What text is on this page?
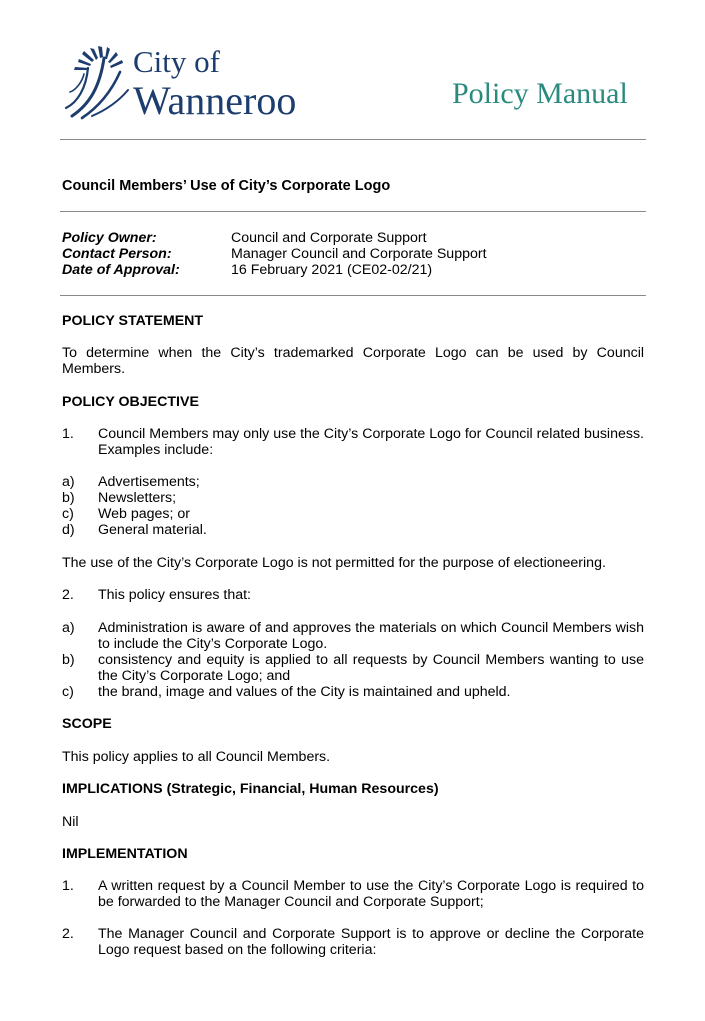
City of
Wanneroo	Policy Manual
Council Members’ Use of City’s Corporate Logo
Policy Owner:	Council and Corporate Support
Contact Person:	Manager Council and Corporate Support
Date of Approval:	16 February 2021 (CE02-02/21)
POLICY STATEMENT
To determine when the City’s trademarked Corporate Logo can be used by Council Members.
POLICY OBJECTIVE
1. Council Members may only use the City’s Corporate Logo for Council related business. Examples include:
a) Advertisements;
b) Newsletters;
c) Web pages; or
d) General material.
The use of the City’s Corporate Logo is not permitted for the purpose of electioneering.
2. This policy ensures that:
a) Administration is aware of and approves the materials on which Council Members wish to include the City’s Corporate Logo.
b) consistency and equity is applied to all requests by Council Members wanting to use the City’s Corporate Logo; and
c) the brand, image and values of the City is maintained and upheld.
SCOPE
This policy applies to all Council Members.
IMPLICATIONS (Strategic, Financial, Human Resources)
Nil
IMPLEMENTATION
1. A written request by a Council Member to use the City’s Corporate Logo is required to be forwarded to the Manager Council and Corporate Support;
2. The Manager Council and Corporate Support is to approve or decline the Corporate Logo request based on the following criteria:
